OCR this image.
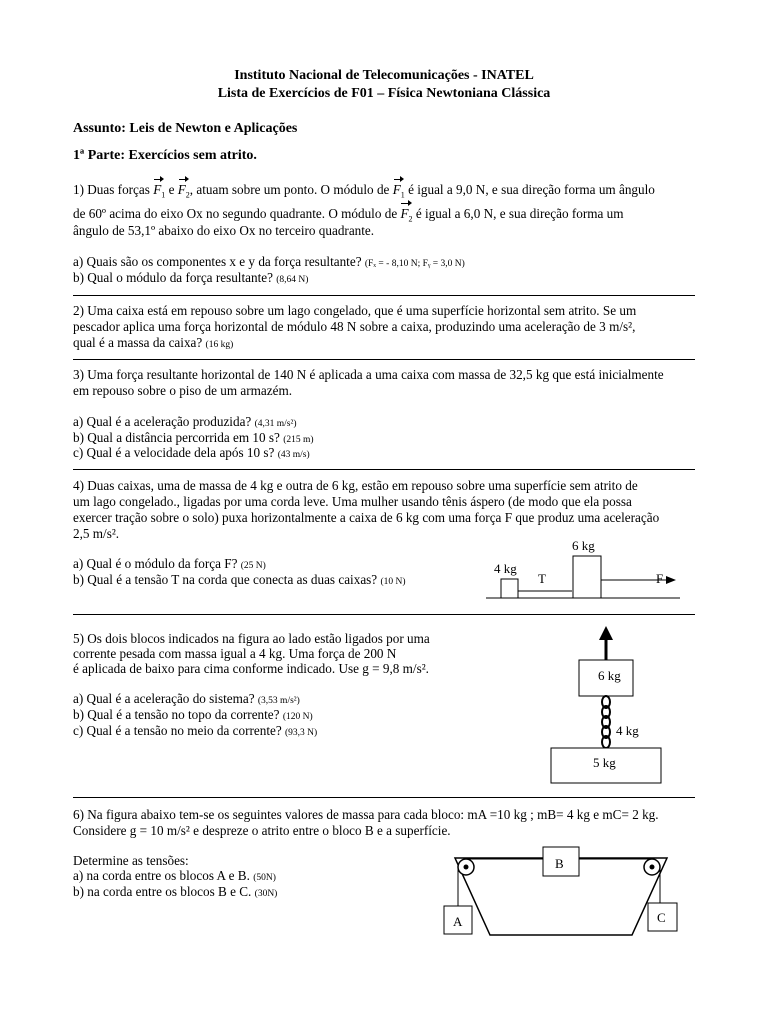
Instituto Nacional de Telecomunicações - INATEL
Lista de Exercícios de F01 – Física Newtoniana Clássica
Assunto: Leis de Newton e Aplicações
1ª Parte: Exercícios sem atrito.
1) Duas forças $F_1$ e $F_2$, atuam sobre um ponto. O módulo de $F_1$ é igual a 9,0 N, e sua direção forma um ângulo
de 60º acima do eixo Ox no segundo quadrante. O módulo de $F_2$ é igual a 6,0 N, e sua direção forma um
ângulo de 53,1º abaixo do eixo Ox no terceiro quadrante.
a) Quais são os componentes x e y da força resultante? (Fₓ = - 8,10 N; Fᵧ = 3,0 N)
b) Qual o módulo da força resultante? (8,64 N)
2) Uma caixa está em repouso sobre um lago congelado, que é uma superfície horizontal sem atrito. Se um
pescador aplica uma força horizontal de módulo 48 N sobre a caixa, produzindo uma aceleração de 3 m/s²,
qual é a massa da caixa? (16 kg)
3) Uma força resultante horizontal de 140 N é aplicada a uma caixa com massa de 32,5 kg que está inicialmente
em repouso sobre o piso de um armazém.
a) Qual é a aceleração produzida? (4,31 m/s²)
b) Qual a distância percorrida em 10 s? (215 m)
c) Qual é a velocidade dela após 10 s? (43 m/s)
4) Duas caixas, uma de massa de 4 kg e outra de 6 kg, estão em repouso sobre uma superfície sem atrito de
um lago congelado., ligadas por uma corda leve. Uma mulher usando tênis áspero (de modo que ela possa
exercer tração sobre o solo) puxa horizontalmente a caixa de 6 kg com uma força F que produz uma aceleração
2,5 m/s².
a) Qual é o módulo da força F? (25 N)
b) Qual é a tensão T na corda que conecta as duas caixas? (10 N)
4 kg
6 kg
T	F
5) Os dois blocos indicados na figura ao lado estão ligados por uma
corrente pesada com massa igual a 4 kg. Uma força de 200 N
é aplicada de baixo para cima conforme indicado. Use g = 9,8 m/s².
a) Qual é a aceleração do sistema? (3,53 m/s²)
b) Qual é a tensão no topo da corrente? (120 N)
c) Qual é a tensão no meio da corrente? (93,3 N)
6 kg
4 kg
5 kg
6) Na figura abaixo tem-se os seguintes valores de massa para cada bloco: mA =10 kg ; mB= 4 kg e mC= 2 kg.
Considere g = 10 m/s² e despreze o atrito entre o bloco B e a superfície.
Determine as tensões:
a) na corda entre os blocos A e B. (50N)
b) na corda entre os blocos B e C. (30N)
B
A	C
